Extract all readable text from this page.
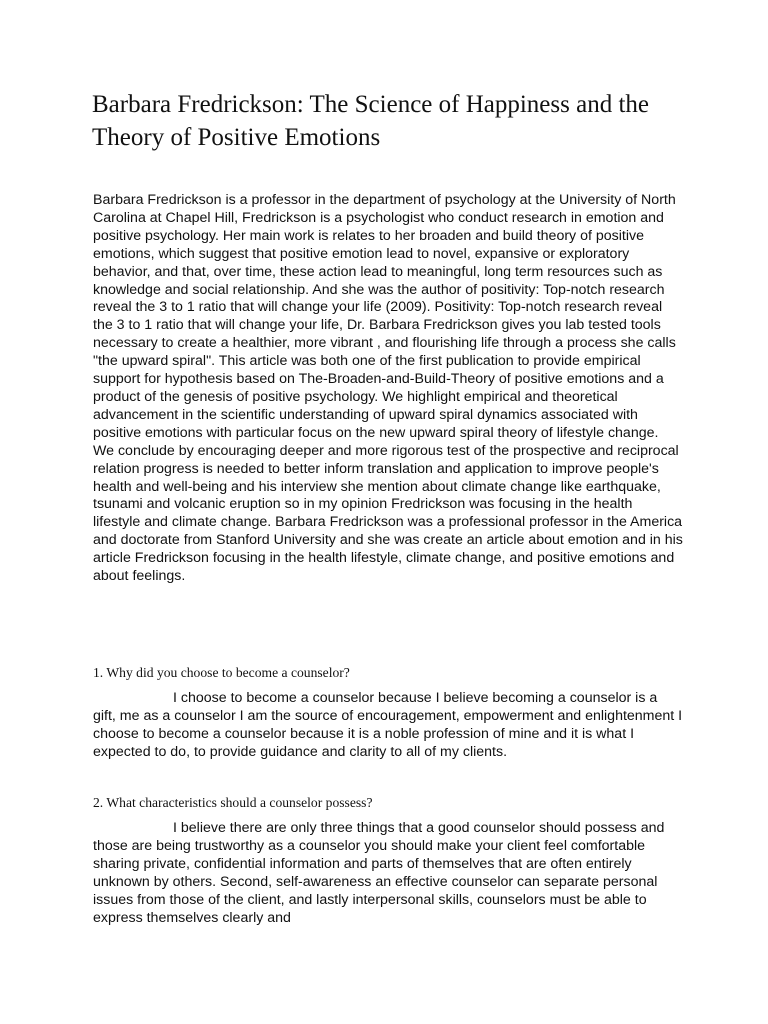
Barbara Fredrickson: The Science of Happiness and the Theory of Positive Emotions

Barbara Fredrickson is a professor in the department of psychology at the University of North Carolina at Chapel Hill, Fredrickson is a psychologist who conduct research in emotion and positive psychology. Her main work is relates to her broaden and build theory of positive emotions, which suggest that positive emotion lead to novel, expansive or exploratory behavior, and that, over time, these action lead to meaningful, long term resources such as knowledge and social relationship. And she was the author of positivity: Top-notch research reveal the 3 to 1 ratio that will change your life (2009). Positivity: Top-notch research reveal the 3 to 1 ratio that will change your life, Dr. Barbara Fredrickson gives you lab tested tools necessary to create a healthier, more vibrant , and flourishing life through a process she calls "the upward spiral". This article was both one of the first publication to provide empirical support for hypothesis based on The-Broaden-and-Build-Theory of positive emotions and a product of the genesis of positive psychology. We highlight empirical and theoretical advancement in the scientific understanding of upward spiral dynamics associated with positive emotions with particular focus on the new upward spiral theory of lifestyle change. We conclude by encouraging deeper and more rigorous test of the prospective and reciprocal relation progress is needed to better inform translation and application to improve people's health and well-being and his interview she mention about climate change like earthquake, tsunami and volcanic eruption so in my opinion Fredrickson was focusing in the health lifestyle and climate change. Barbara Fredrickson was a professional professor in the America and doctorate from Stanford University and she was create an article about emotion and in his article Fredrickson focusing in the health lifestyle, climate change, and positive emotions and about feelings.

1. Why did you choose to become a counselor?

I choose to become a counselor because I believe becoming a counselor is a gift, me as a counselor I am the source of encouragement, empowerment and enlightenment I choose to become a counselor because it is a noble profession of mine and it is what I expected to do, to provide guidance and clarity to all of my clients.

2. What characteristics should a counselor possess?

I believe there are only three things that a good counselor should possess and those are being trustworthy as a counselor you should make your client feel comfortable sharing private, confidential information and parts of themselves that are often entirely unknown by others. Second, self-awareness an effective counselor can separate personal issues from those of the client, and lastly interpersonal skills, counselors must be able to express themselves clearly and
